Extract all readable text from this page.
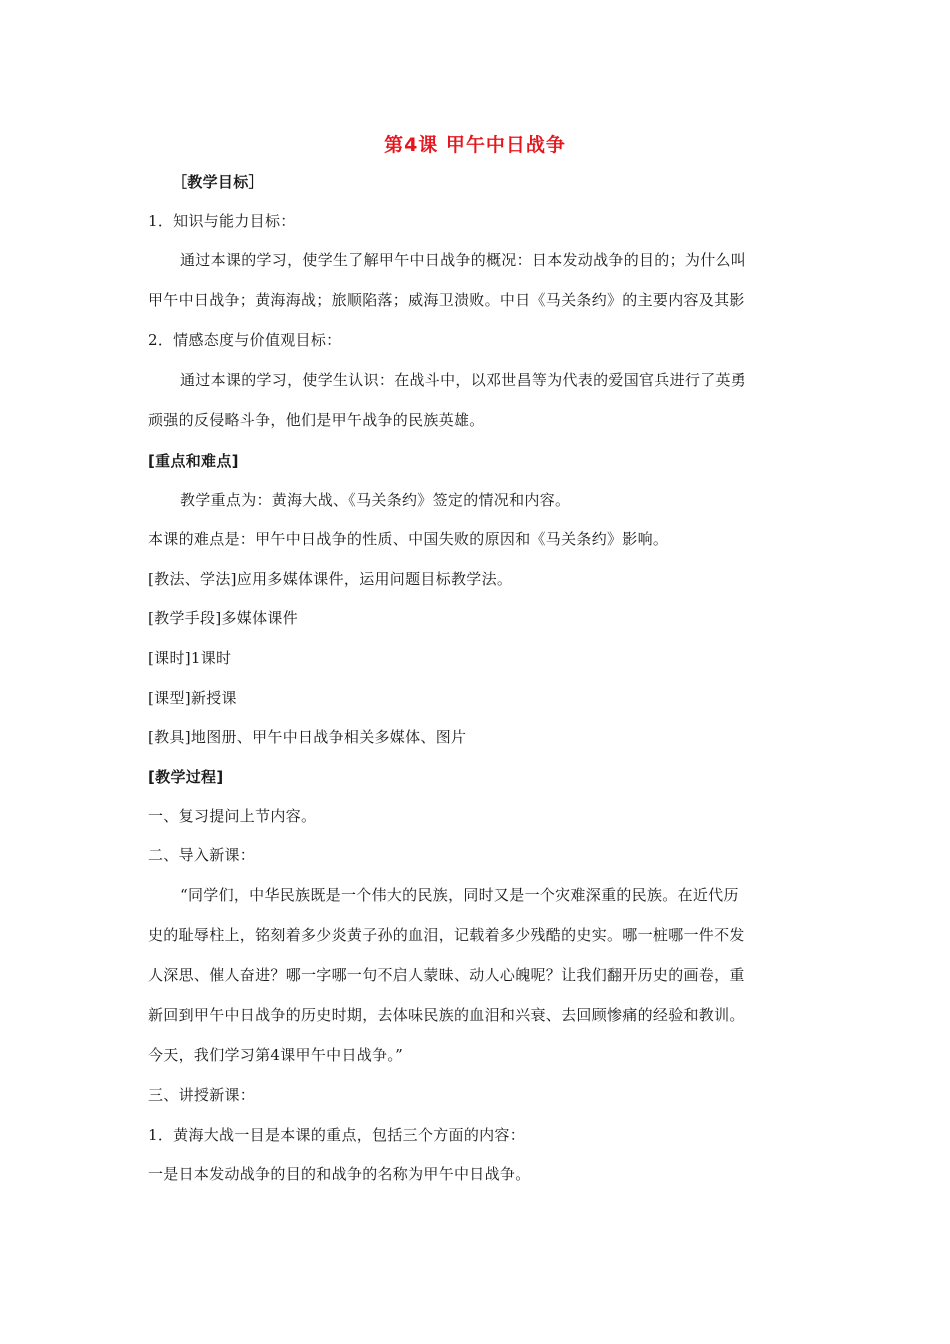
第4课 甲午中日战争
［教学目标］
1．知识与能力目标：
通过本课的学习，使学生了解甲午中日战争的概况：日本发动战争的目的；为什么叫
甲午中日战争；黄海海战；旅顺陷落；威海卫溃败。中日《马关条约》的主要内容及其影
2．情感态度与价值观目标：
通过本课的学习，使学生认识：在战斗中，以邓世昌等为代表的爱国官兵进行了英勇
顽强的反侵略斗争，他们是甲午战争的民族英雄。
[重点和难点]
教学重点为：黄海大战、《马关条约》签定的情况和内容。
本课的难点是：甲午中日战争的性质、中国失败的原因和《马关条约》影响。
[教法、学法]应用多媒体课件，运用问题目标教学法。
[教学手段]多媒体课件
[课时]1课时
[课型]新授课
[教具]地图册、甲午中日战争相关多媒体、图片
[教学过程]
一、复习提问上节内容。
二、导入新课：
“同学们，中华民族既是一个伟大的民族，同时又是一个灾难深重的民族。在近代历
史的耻辱柱上，铭刻着多少炎黄子孙的血泪，记载着多少残酷的史实。哪一桩哪一件不发
人深思、催人奋进？哪一字哪一句不启人蒙昧、动人心魄呢？让我们翻开历史的画卷，重
新回到甲午中日战争的历史时期，去体味民族的血泪和兴衰、去回顾惨痛的经验和教训。
今天，我们学习第4课甲午中日战争。”
三、讲授新课：
1．黄海大战一目是本课的重点，包括三个方面的内容：
一是日本发动战争的目的和战争的名称为甲午中日战争。
